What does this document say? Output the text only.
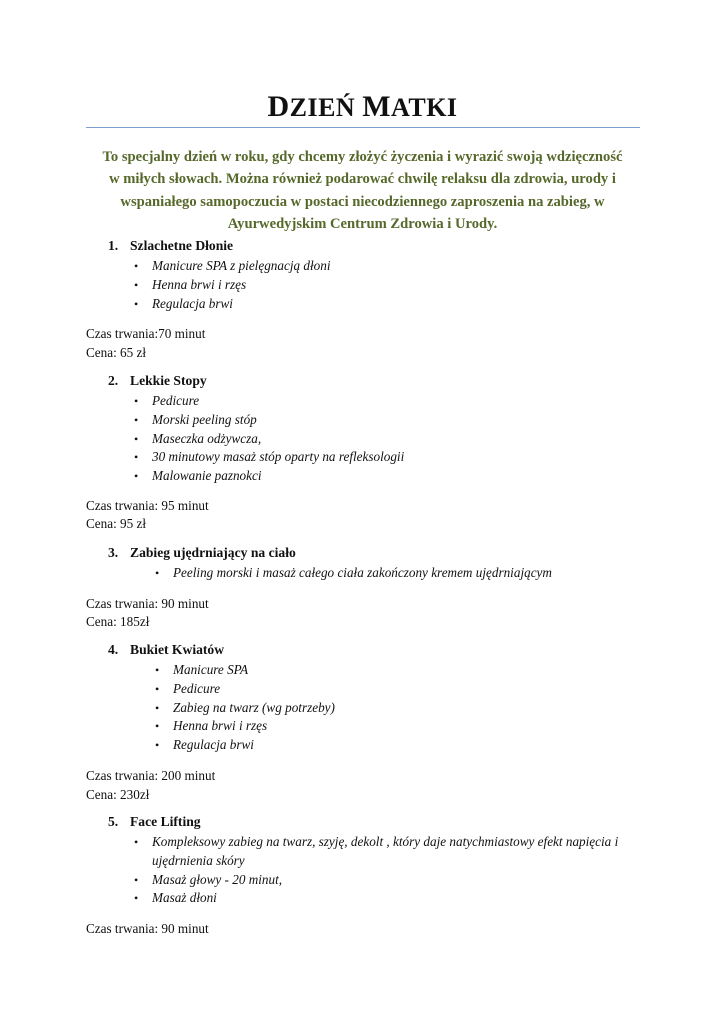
DZIEŃ MATKI

To specjalny dzień w roku, gdy chcemy złożyć życzenia i wyrazić swoją wdzięczność w miłych słowach. Można również podarować chwilę relaksu dla zdrowia, urody i wspaniałego samopoczucia w postaci niecodziennego zaproszenia na zabieg, w Ayurwedyjskim Centrum Zdrowia i Urody.

1. Szlachetne Dłonie
• Manicure SPA z pielęgnacją dłoni
• Henna brwi i rzęs
• Regulacja brwi
Czas trwania:70 minut
Cena: 65 zł
2. Lekkie Stopy
• Pedicure
• Morski peeling stóp
• Maseczka odżywcza,
• 30 minutowy masaż stóp oparty na refleksologii
• Malowanie paznokci
Czas trwania: 95 minut
Cena: 95 zł
3. Zabieg ujędrniający na ciało
• Peeling morski i masaż całego ciała zakończony kremem ujędrniającym
Czas trwania: 90 minut
Cena: 185zł
4. Bukiet Kwiatów
• Manicure SPA
• Pedicure
• Zabieg na twarz (wg potrzeby)
• Henna brwi i rzęs
• Regulacja brwi
Czas trwania: 200 minut
Cena: 230zł
5. Face Lifting
• Kompleksowy zabieg na twarz, szyję, dekolt , który daje natychmiastowy efekt napięcia i ujędrnienia skóry
• Masaż głowy - 20 minut,
• Masaż dłoni
Czas trwania: 90 minut
